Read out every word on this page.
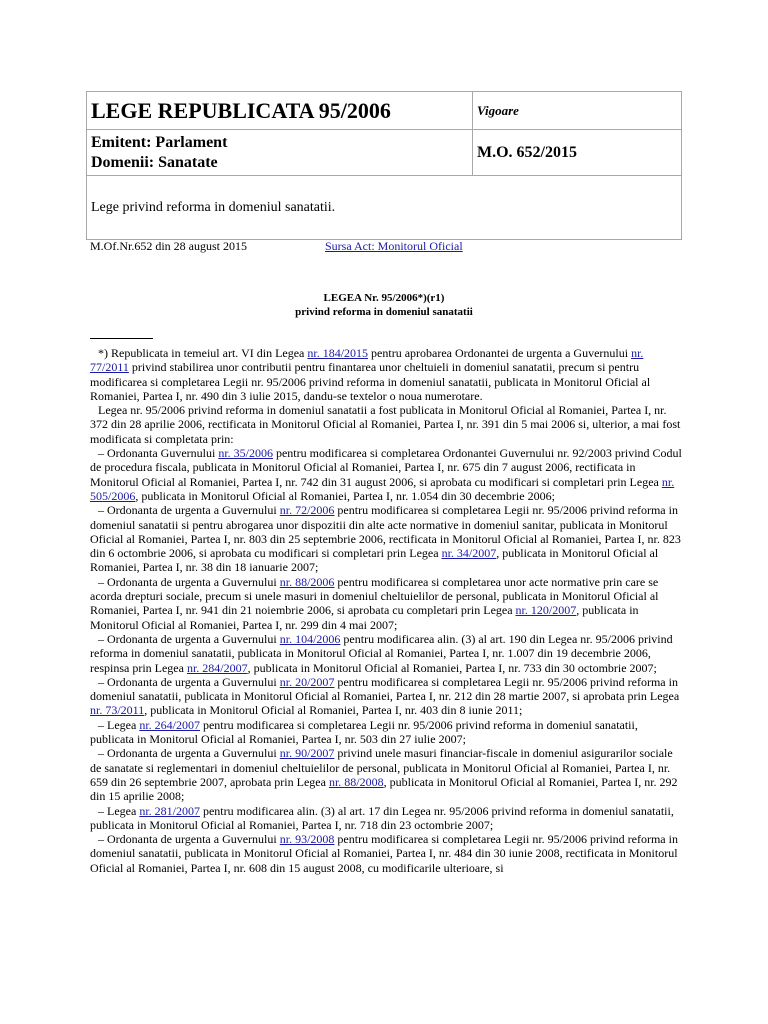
LEGE REPUBLICATA 95/2006	Vigoare

Emitent: Parlament
Domenii: Sanatate	M.O. 652/2015
Lege privind reforma in domeniul sanatatii.	
M.Of.Nr.652 din 28 august 2015	Sursa Act: Monitorul Oficial
LEGEA Nr. 95/2006*)(r1)
privind reforma in domeniul sanatatii

*) Republicata in temeiul art. VI din Legea nr. 184/2015 pentru aprobarea Ordonantei de urgenta a Guvernului nr. 77/2011 privind stabilirea unor contributii pentru finantarea unor cheltuieli in domeniul sanatatii, precum si pentru modificarea si completarea Legii nr. 95/2006 privind reforma in domeniul sanatatii, publicata in Monitorul Oficial al Romaniei, Partea I, nr. 490 din 3 iulie 2015, dandu-se textelor o noua numerotare.

Legea nr. 95/2006 privind reforma in domeniul sanatatii a fost publicata in Monitorul Oficial al Romaniei, Partea I, nr. 372 din 28 aprilie 2006, rectificata in Monitorul Oficial al Romaniei, Partea I, nr. 391 din 5 mai 2006 si, ulterior, a mai fost modificata si completata prin:

– Ordonanta Guvernului nr. 35/2006 pentru modificarea si completarea Ordonantei Guvernului nr. 92/2003 privind Codul de procedura fiscala, publicata in Monitorul Oficial al Romaniei, Partea I, nr. 675 din 7 august 2006, rectificata in Monitorul Oficial al Romaniei, Partea I, nr. 742 din 31 august 2006, si aprobata cu modificari si completari prin Legea nr. 505/2006, publicata in Monitorul Oficial al Romaniei, Partea I, nr. 1.054 din 30 decembrie 2006;

– Ordonanta de urgenta a Guvernului nr. 72/2006 pentru modificarea si completarea Legii nr. 95/2006 privind reforma in domeniul sanatatii si pentru abrogarea unor dispozitii din alte acte normative in domeniul sanitar, publicata in Monitorul Oficial al Romaniei, Partea I, nr. 803 din 25 septembrie 2006, rectificata in Monitorul Oficial al Romaniei, Partea I, nr. 823 din 6 octombrie 2006, si aprobata cu modificari si completari prin Legea nr. 34/2007, publicata in Monitorul Oficial al Romaniei, Partea I, nr. 38 din 18 ianuarie 2007;

– Ordonanta de urgenta a Guvernului nr. 88/2006 pentru modificarea si completarea unor acte normative prin care se acorda drepturi sociale, precum si unele masuri in domeniul cheltuielilor de personal, publicata in Monitorul Oficial al Romaniei, Partea I, nr. 941 din 21 noiembrie 2006, si aprobata cu completari prin Legea nr. 120/2007, publicata in Monitorul Oficial al Romaniei, Partea I, nr. 299 din 4 mai 2007;

– Ordonanta de urgenta a Guvernului nr. 104/2006 pentru modificarea alin. (3) al art. 190 din Legea nr. 95/2006 privind reforma in domeniul sanatatii, publicata in Monitorul Oficial al Romaniei, Partea I, nr. 1.007 din 19 decembrie 2006, respinsa prin Legea nr. 284/2007, publicata in Monitorul Oficial al Romaniei, Partea I, nr. 733 din 30 octombrie 2007;

– Ordonanta de urgenta a Guvernului nr. 20/2007 pentru modificarea si completarea Legii nr. 95/2006 privind reforma in domeniul sanatatii, publicata in Monitorul Oficial al Romaniei, Partea I, nr. 212 din 28 martie 2007, si aprobata prin Legea nr. 73/2011, publicata in Monitorul Oficial al Romaniei, Partea I, nr. 403 din 8 iunie 2011;

– Legea nr. 264/2007 pentru modificarea si completarea Legii nr. 95/2006 privind reforma in domeniul sanatatii, publicata in Monitorul Oficial al Romaniei, Partea I, nr. 503 din 27 iulie 2007;

– Ordonanta de urgenta a Guvernului nr. 90/2007 privind unele masuri financiar-fiscale in domeniul asigurarilor sociale de sanatate si reglementari in domeniul cheltuielilor de personal, publicata in Monitorul Oficial al Romaniei, Partea I, nr. 659 din 26 septembrie 2007, aprobata prin Legea nr. 88/2008, publicata in Monitorul Oficial al Romaniei, Partea I, nr. 292 din 15 aprilie 2008;

– Legea nr. 281/2007 pentru modificarea alin. (3) al art. 17 din Legea nr. 95/2006 privind reforma in domeniul sanatatii, publicata in Monitorul Oficial al Romaniei, Partea I, nr. 718 din 23 octombrie 2007;

– Ordonanta de urgenta a Guvernului nr. 93/2008 pentru modificarea si completarea Legii nr. 95/2006 privind reforma in domeniul sanatatii, publicata in Monitorul Oficial al Romaniei, Partea I, nr. 484 din 30 iunie 2008, rectificata in Monitorul Oficial al Romaniei, Partea I, nr. 608 din 15 august 2008, cu modificarile ulterioare, si
